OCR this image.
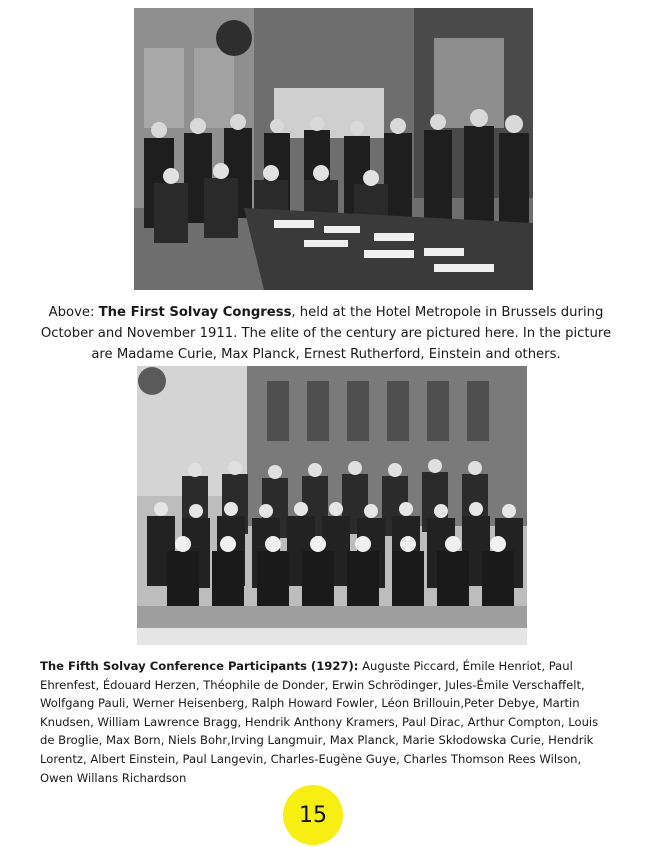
Above: The First Solvay Congress, held at the Hotel Metropole in Brussels during October and November 1911. The elite of the century are pictured here. In the picture are Madame Curie, Max Planck, Ernest Rutherford, Einstein and others.
The Fifth Solvay Conference Participants (1927): Auguste Piccard, Émile Henriot, Paul Ehrenfest, Édouard Herzen, Théophile de Donder, Erwin Schrödinger, Jules-Émile Verschaffelt, Wolfgang Pauli, Werner Heisenberg, Ralph Howard Fowler, Léon Brillouin,Peter Debye, Martin Knudsen, William Lawrence Bragg, Hendrik Anthony Kramers, Paul Dirac, Arthur Compton, Louis de Broglie, Max Born, Niels Bohr,Irving Langmuir, Max Planck, Marie Skłodowska Curie, Hendrik Lorentz, Albert Einstein, Paul Langevin, Charles-Eugène Guye, Charles Thomson Rees Wilson, Owen Willans Richardson
15
